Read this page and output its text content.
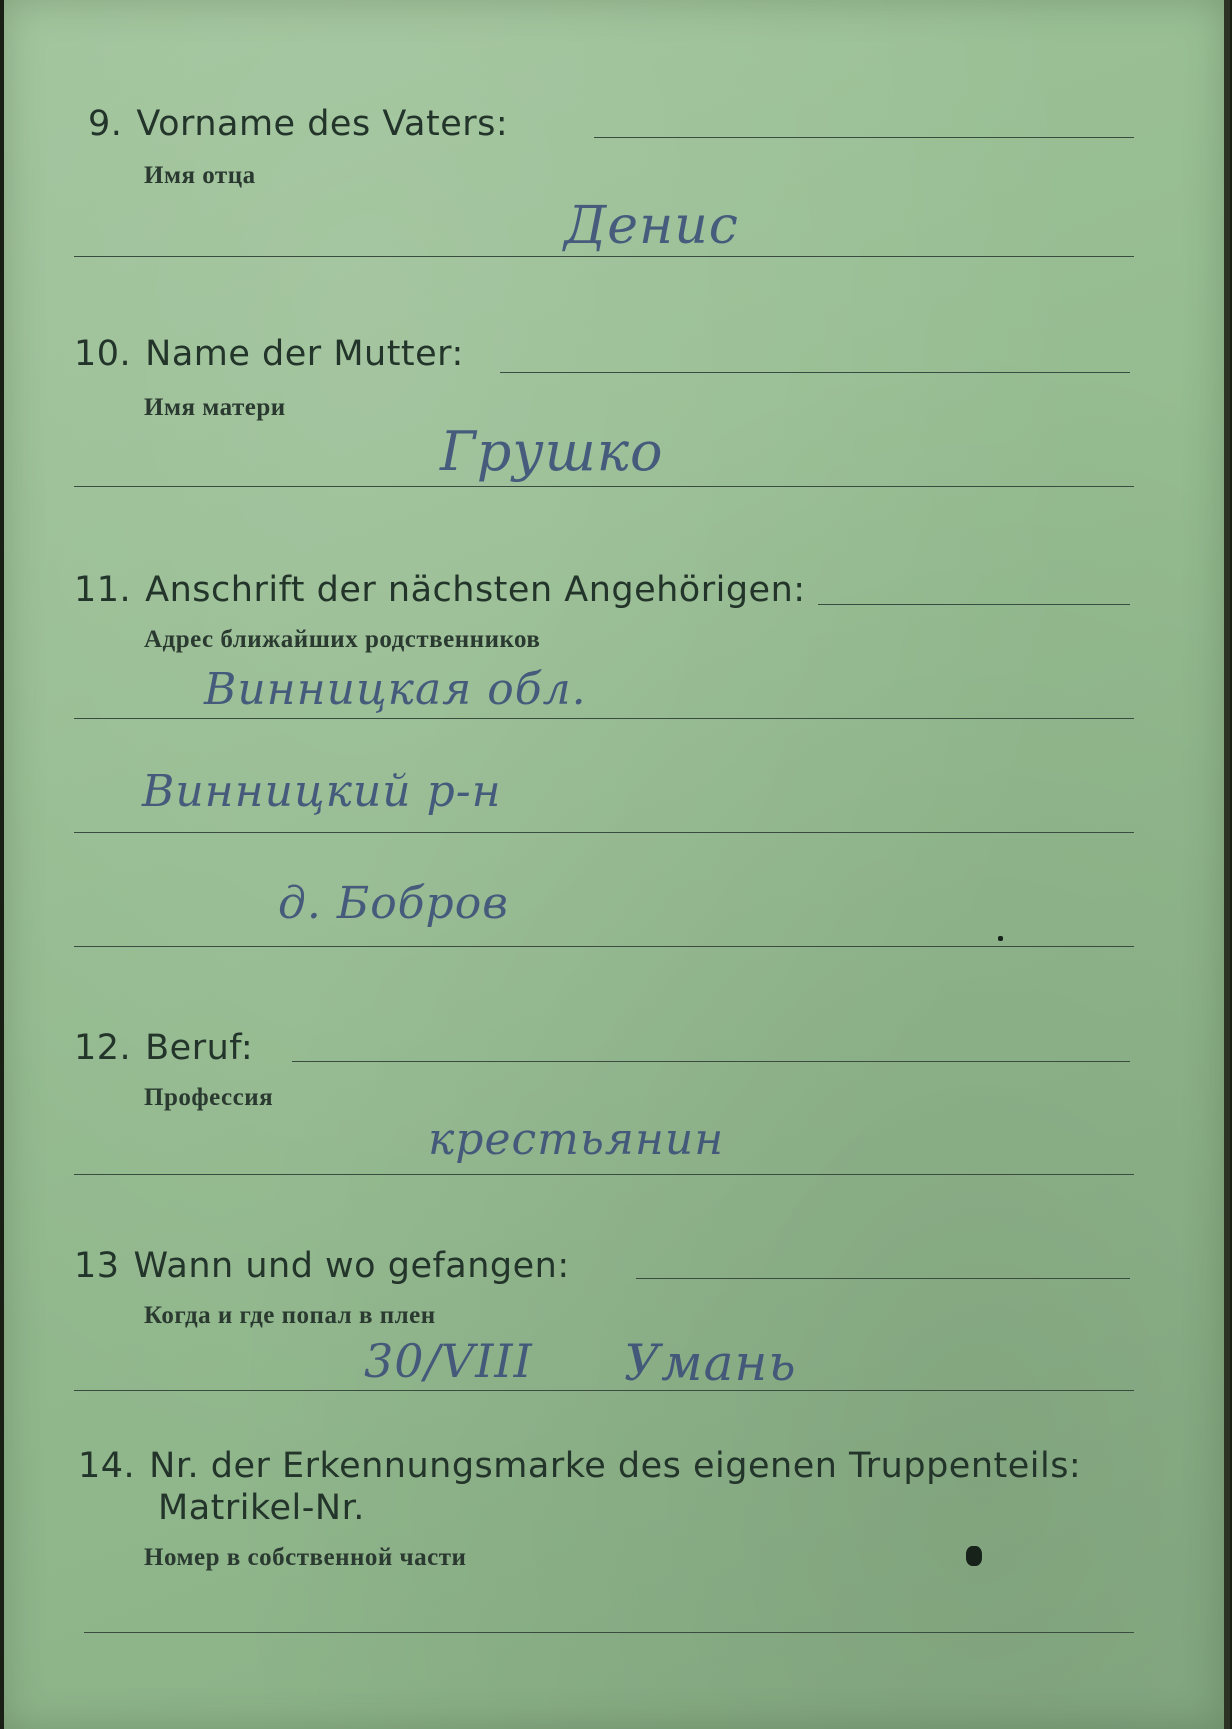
9. Vorname des Vaters:
Имя отца
Денис
10. Name der Mutter:
Имя матери
Грушко
11. Anschrift der nächsten Angehörigen:
Адрес ближайших родственников
Винницкая обл.
Винницкий р-н
д. Бобров
12. Beruf:
Профессия
крестьянин
13 Wann und wo gefangen:
Когда и где попал в плен
30/VIII Умань
14. Nr. der Erkennungsmarke des eigenen Truppenteils:
Matrikel-Nr.
Номер в собственной части
